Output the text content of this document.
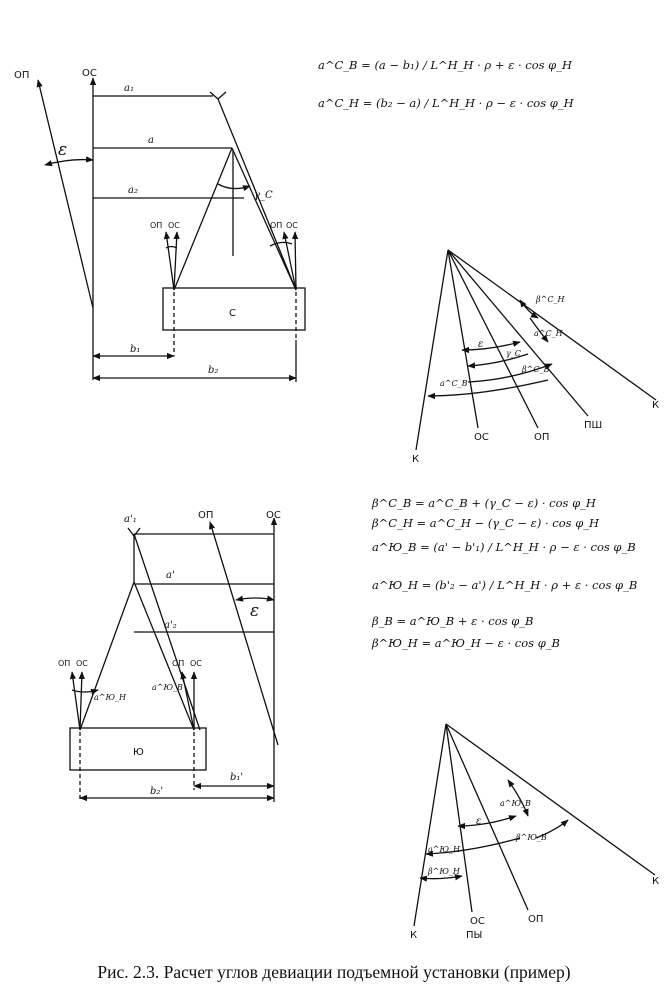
ОП	ОС
ε
a₁
a
a₂	γ_C
ОП ОС	ОП ОС
С
b₁
b₂
β^C_H
a^C_H
ε
γ_C
β^C_B
a^C_B
К
ОС	ОП
ПШ
К
a'₁	ОП	ОС
a'
ε
a'₂
ОП ОС	ОП ОС
a^Ю_H
a^Ю_B
Ю
b₁'
b₂'
a^Ю_B
ε
β^Ю_B
a^Ю_H
β^Ю_H
К
ОС
ПЫ
ОП
К
a^C_B = (a − b₁) / L^H_H · ρ + ε · cos φ_H
a^C_H = (b₂ − a) / L^H_H · ρ − ε · cos φ_H
β^C_B = a^C_B + (γ_C − ε) · cos φ_H
β^C_H = a^C_H − (γ_C − ε) · cos φ_H
a^Ю_B = (a' − b'₁) / L^H_H · ρ − ε · cos φ_B
a^Ю_H = (b'₂ − a') / L^H_H · ρ + ε · cos φ_B
β_B = a^Ю_B + ε · cos φ_B
β^Ю_H = a^Ю_H − ε · cos φ_B
Рис. 2.3. Расчет углов девиации подъемной установки (пример)
